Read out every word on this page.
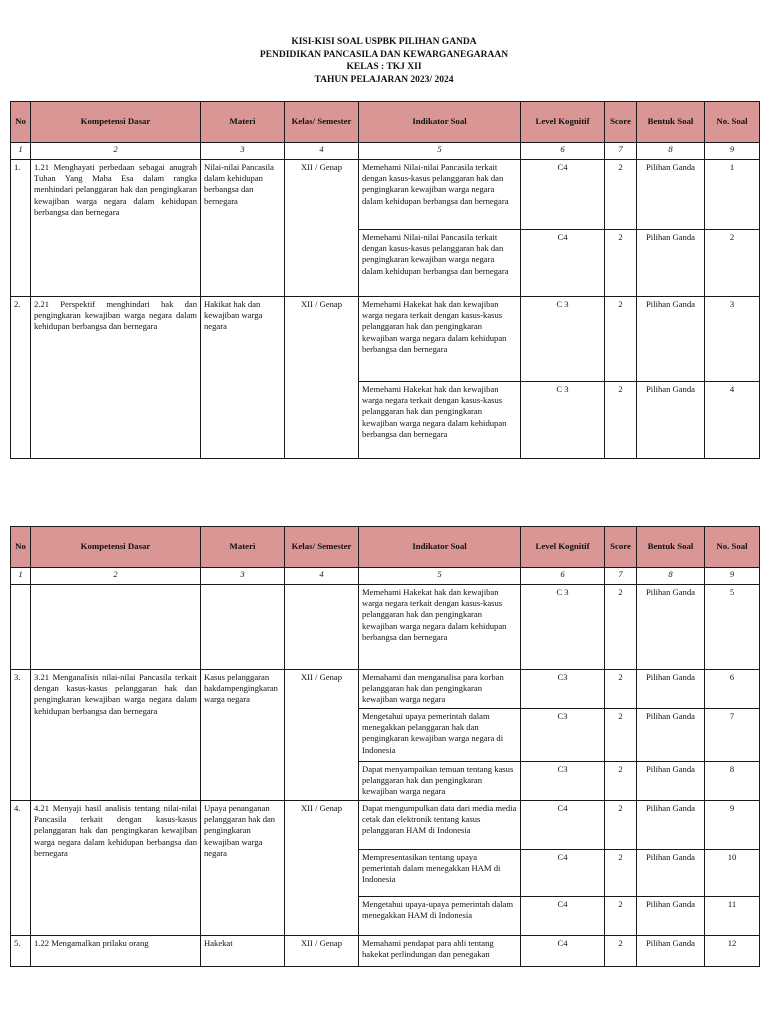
KISI-KISI SOAL USPBK PILIHAN GANDA
PENDIDIKAN PANCASILA DAN KEWARGANEGARAAN
KELAS : TKJ XII
TAHUN PELAJARAN 2023/ 2024
No	Kompetensi Dasar	Materi	Kelas/ Semester	Indikator Soal	Level Kognitif	Score	Bentuk Soal	No. Soal
1	2	3	4	5	6	7	8	9
1.	1.21 Menghayati perbedaan sebagai anugrah Tuhan Yang Maha Esa dalam rangka menhindari pelanggaran hak dan pengingkaran kewajiban warga negara dalam kehidupan berbangsa dan bernegara	Nilai-nilai Pancasila dalam kehidupan berbangsa dan bernegara	XII / Genap	Memehami Nilai-nilai Pancasila terkait dengan kasus-kasus pelanggaran hak dan pengingkaran kewajiban warga negara dalam kehidupan berbangsa dan bernegara	C4	2	Pilihan Ganda	1
				Memehami Nilai-nilai Pancasila terkait dengan kasus-kasus pelanggaran hak dan pengingkaran kewajiban warga negara dalam kehidupan berbangsa dan bernegara	C4	2	Pilihan Ganda	2
2.	2.21 Perspektif menghindari hak dan pengingkaran kewajiban warga negara dalam kehidupan berbangsa dan bernegara	Hakikat hak dan kewajiban warga negara	XII / Genap	Memehami Hakekat hak dan kewajiban warga negara terkait dengan kasus-kasus pelanggaran hak dan pengingkaran kewajiban warga negara dalam kehidupan berbangsa dan bernegara	C 3	2	Pilihan Ganda	3
				Memehami Hakekat hak dan kewajiban warga negara terkait dengan kasus-kasus pelanggaran hak dan pengingkaran kewajiban warga negara dalam kehidupan berbangsa dan bernegara	C 3	2	Pilihan Ganda	4
No	Kompetensi Dasar	Materi	Kelas/ Semester	Indikator Soal	Level Kognitif	Score	Bentuk Soal	No. Soal
1	2	3	4	5	6	7	8	9
				Memehami Hakekat hak dan kewajiban warga negara terkait dengan kasus-kasus pelanggaran hak dan pengingkaran kewajiban warga negara dalam kehidupan berbangsa dan bernegara	C 3	2	Pilihan Ganda	5
3.	3.21 Menganalisis nilai-nilai Pancasila terkait dengan kasus-kasus pelanggaran hak dan pengingkaran kewajiban warga negara dalam kehidupan berbangsa dan bernegara	Kasus pelanggaran hakdampengingkaran warga negara	XII / Genap	Memahami dan menganalisa para korban pelanggaran hak dan pengingkaran kewajiban warga negara	C3	2	Pilihan Ganda	6
				Mengetahui upaya pemerintah dalam menegakkan pelanggaran hak dan pengingkaran kewajiban warga negara di Indonesia	C3	2	Pilihan Ganda	7
				Dapat menyampaikan temuan tentang kasus pelanggaran hak dan pengingkaran kewajiban warga negara	C3	2	Pilihan Ganda	8
4.	4.21 Menyaji hasil analisis tentang nilai-nilai Pancasila terkait dengan kasus-kasus pelanggaran hak dan pengingkaran kewajiban warga negara dalam kehidupan berbangsa dan bernegara	Upaya penanganan pelanggaran hak dan pengingkaran kewajiban warga negara	XII / Genap	Dapat mengumpulkan data dari media media cetak dan elektronik tentang kasus pelanggaran HAM di Indonesia	C4	2	Pilihan Ganda	9
				Mempresentasikan tentang upaya pemerintah dalam menegakkan HAM di Indonesia	C4	2	Pilihan Ganda	10
				Mengetahui upaya-upaya pemerintah dalam menegakkan HAM di Indonesia	C4	2	Pilihan Ganda	11
5.	1.22 Mengamalkan prilaku orang	Hakekat	XII / Genap	Memahami pendapat para ahli tentang hakekat perlindungan dan penegakan	C4	2	Pilihan Ganda	12
